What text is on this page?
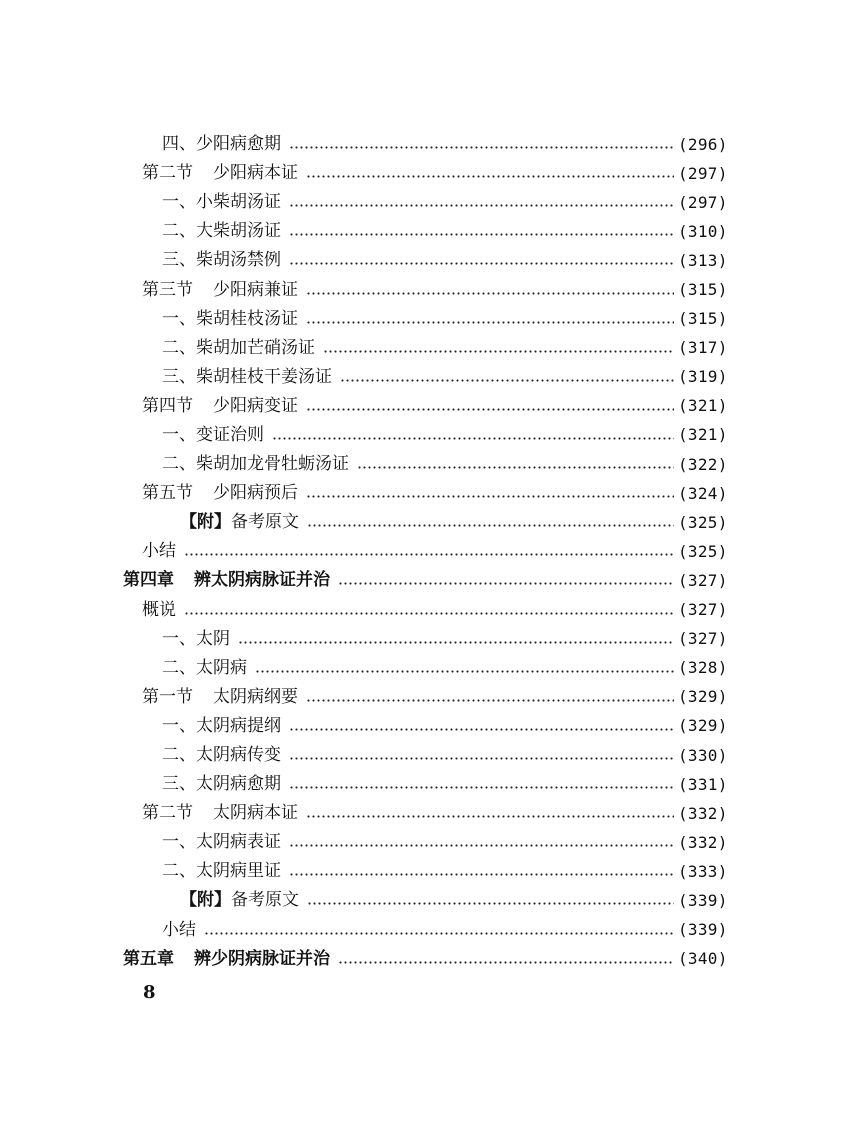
四、少阳病愈期	(296)
第二节 少阳病本证	(297)
一、小柴胡汤证	(297)
二、大柴胡汤证	(310)
三、柴胡汤禁例	(313)
第三节 少阳病兼证	(315)
一、柴胡桂枝汤证	(315)
二、柴胡加芒硝汤证	(317)
三、柴胡桂枝干姜汤证	(319)
第四节 少阳病变证	(321)
一、变证治则	(321)
二、柴胡加龙骨牡蛎汤证	(322)
第五节 少阳病预后	(324)
【附】备考原文	(325)
小结	(325)
第四章 辨太阴病脉证并治	(327)
概说	(327)
一、太阴	(327)
二、太阴病	(328)
第一节 太阴病纲要	(329)
一、太阴病提纲	(329)
二、太阴病传变	(330)
三、太阴病愈期	(331)
第二节 太阴病本证	(332)
一、太阴病表证	(332)
二、太阴病里证	(333)
【附】备考原文	(339)
小结	(339)
第五章 辨少阴病脉证并治	(340)
8
